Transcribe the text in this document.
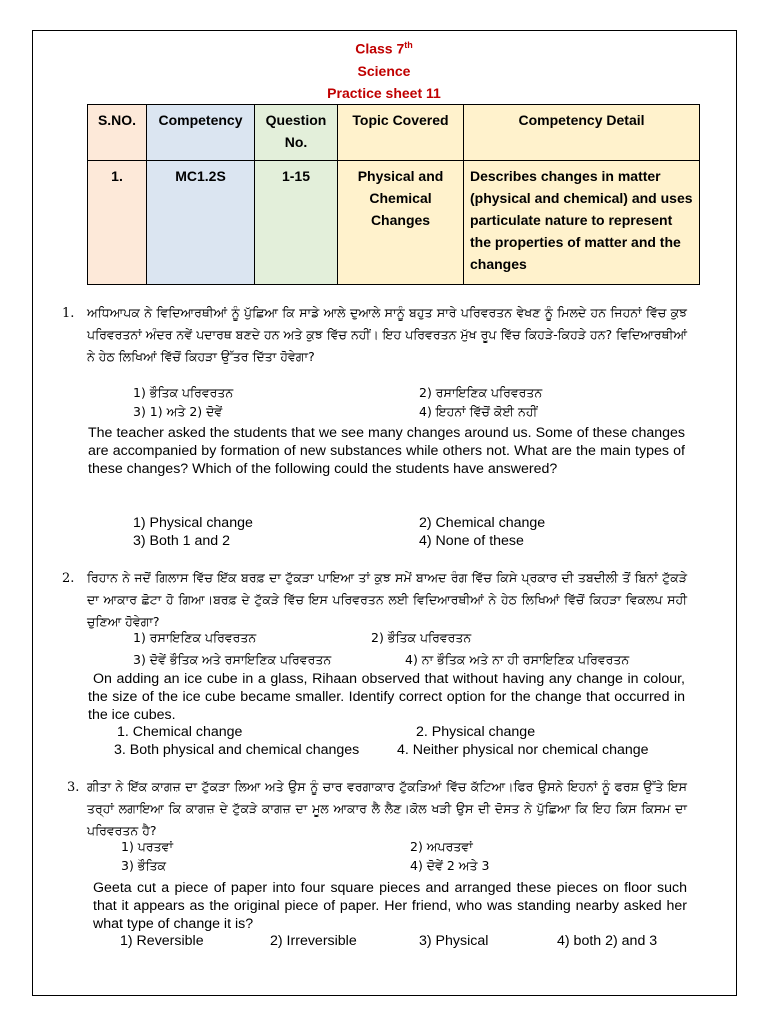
Class 7th
Science
Practice sheet 11
S.NO.	Competency	Question No.	Topic Covered	Competency Detail
1.	MC1.2S	1-15	Physical and Chemical Changes	Describes changes in matter (physical and chemical) and uses particulate nature to represent the properties of matter and the changes
1. ਅਧਿਆਪਕ ਨੇ ਵਿਦਿਆਰਥੀਆਂ ਨੂੰ ਪੁੱਛਿਆ ਕਿ ਸਾਡੇ ਆਲੇ ਦੁਆਲੇ ਸਾਨੂੰ ਬਹੁਤ ਸਾਰੇ ਪਰਿਵਰਤਨ ਵੇਖਣ ਨੂੰ ਮਿਲਦੇ ਹਨ ਜਿਹਨਾਂ ਵਿੱਚ ਕੁਝ ਪਰਿਵਰਤਨਾਂ ਅੰਦਰ ਨਵੇਂ ਪਦਾਰਥ ਬਣਦੇ ਹਨ ਅਤੇ ਕੁਝ ਵਿੱਚ ਨਹੀਂ। ਇਹ ਪਰਿਵਰਤਨ ਮੁੱਖ ਰੂਪ ਵਿੱਚ ਕਿਹੜੇ-ਕਿਹੜੇ ਹਨ? ਵਿਦਿਆਰਥੀਆਂ ਨੇ ਹੇਠ ਲਿਖਿਆਂ ਵਿੱਚੋਂ ਕਿਹੜਾ ਉੱਤਰ ਦਿੱਤਾ ਹੋਵੇਗਾ?
1) ਭੌਤਿਕ ਪਰਿਵਰਤਨ	2) ਰਸਾਇਣਿਕ ਪਰਿਵਰਤਨ
3) 1) ਅਤੇ 2) ਦੋਵੇਂ	4) ਇਹਨਾਂ ਵਿੱਚੋਂ ਕੋਈ ਨਹੀਂ
The teacher asked the students that we see many changes around us. Some of these changes are accompanied by formation of new substances while others not. What are the main types of these changes? Which of the following could the students have answered?
1) Physical change	2) Chemical change
3) Both 1 and 2	4) None of these
2. ਰਿਹਾਨ ਨੇ ਜਦੋਂ ਗਿਲਾਸ ਵਿੱਚ ਇੱਕ ਬਰਫ਼ ਦਾ ਟੁੱਕੜਾ ਪਾਇਆ ਤਾਂ ਕੁਝ ਸਮੇਂ ਬਾਅਦ ਰੰਗ ਵਿੱਚ ਕਿਸੇ ਪ੍ਰਕਾਰ ਦੀ ਤਬਦੀਲੀ ਤੋਂ ਬਿਨਾਂ ਟੁੱਕੜੇ ਦਾ ਆਕਾਰ ਛੋਟਾ ਹੋ ਗਿਆ।ਬਰਫ਼ ਦੇ ਟੁੱਕੜੇ ਵਿੱਚ ਇਸ ਪਰਿਵਰਤਨ ਲਈ ਵਿਦਿਆਰਥੀਆਂ ਨੇ ਹੇਠ ਲਿਖਿਆਂ ਵਿੱਚੋਂ ਕਿਹੜਾ ਵਿਕਲਪ ਸਹੀ ਚੁਣਿਆ ਹੋਵੇਗਾ?
1) ਰਸਾਇਣਿਕ ਪਰਿਵਰਤਨ	2) ਭੌਤਿਕ ਪਰਿਵਰਤਨ
3) ਦੋਵੇਂ ਭੌਤਿਕ ਅਤੇ ਰਸਾਇਣਿਕ ਪਰਿਵਰਤਨ	4) ਨਾ ਭੌਤਿਕ ਅਤੇ ਨਾ ਹੀ ਰਸਾਇਣਿਕ ਪਰਿਵਰਤਨ
On adding an ice cube in a glass, Rihaan observed that without having any change in colour, the size of the ice cube became smaller. Identify correct option for the change that occurred in the ice cubes.
1. Chemical change	2. Physical change
3. Both physical and chemical changes	4. Neither physical nor chemical change
3. ਗੀਤਾ ਨੇ ਇੱਕ ਕਾਗਜ਼ ਦਾ ਟੁੱਕੜਾ ਲਿਆ ਅਤੇ ਉਸ ਨੂੰ ਚਾਰ ਵਰਗਾਕਾਰ ਟੁੱਕੜਿਆਂ ਵਿੱਚ ਕੱਟਿਆ।ਫਿਰ ਉਸਨੇ ਇਹਨਾਂ ਨੂੰ ਫਰਸ਼ ਉੱਤੇ ਇਸ ਤਰ੍ਹਾਂ ਲਗਾਇਆ ਕਿ ਕਾਗਜ਼ ਦੇ ਟੁੱਕੜੇ ਕਾਗਜ਼ ਦਾ ਮੂਲ ਆਕਾਰ ਲੈ ਲੈਣ।ਕੋਲ ਖੜੀ ਉਸ ਦੀ ਦੋਸਤ ਨੇ ਪੁੱਛਿਆ ਕਿ ਇਹ ਕਿਸ ਕਿਸਮ ਦਾ ਪਰਿਵਰਤਨ ਹੈ?
1) ਪਰਤਵਾਂ	2) ਅਪਰਤਵਾਂ
3) ਭੌਤਿਕ	4) ਦੋਵੇਂ 2 ਅਤੇ 3
Geeta cut a piece of paper into four square pieces and arranged these pieces on floor such that it appears as the original piece of paper. Her friend, who was standing nearby asked her what type of change it is?
1) Reversible	2) Irreversible	3) Physical	4) both 2) and 3
